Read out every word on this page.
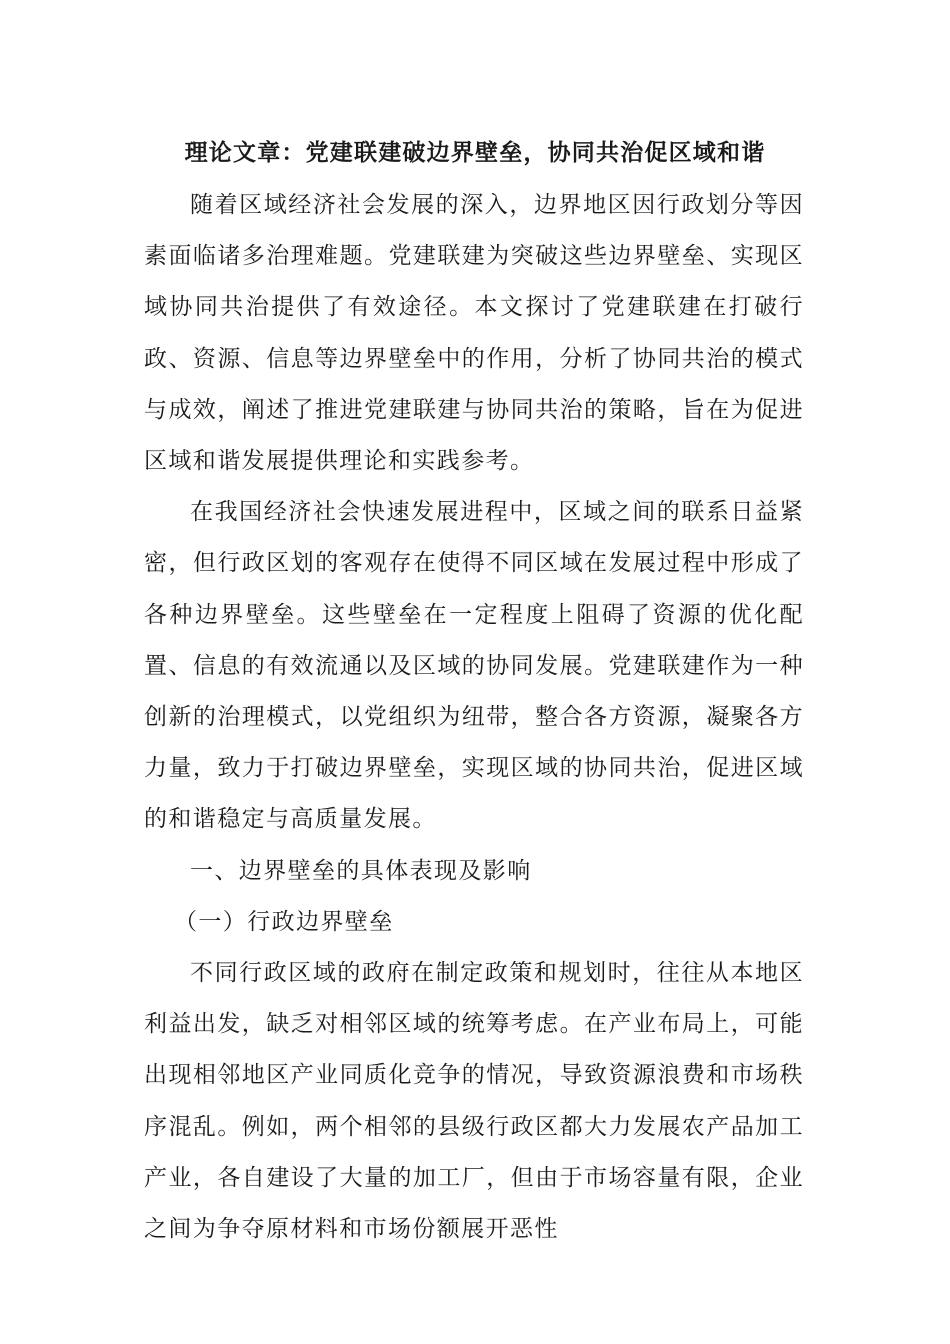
理论文章：党建联建破边界壁垒，协同共治促区域和谐

随着区域经济社会发展的深入，边界地区因行政划分等因素面临诸多治理难题。党建联建为突破这些边界壁垒、实现区域协同共治提供了有效途径。本文探讨了党建联建在打破行政、资源、信息等边界壁垒中的作用，分析了协同共治的模式与成效，阐述了推进党建联建与协同共治的策略，旨在为促进区域和谐发展提供理论和实践参考。

在我国经济社会快速发展进程中，区域之间的联系日益紧密，但行政区划的客观存在使得不同区域在发展过程中形成了各种边界壁垒。这些壁垒在一定程度上阻碍了资源的优化配置、信息的有效流通以及区域的协同发展。党建联建作为一种创新的治理模式，以党组织为纽带，整合各方资源，凝聚各方力量，致力于打破边界壁垒，实现区域的协同共治，促进区域的和谐稳定与高质量发展。

一、边界壁垒的具体表现及影响

（一）行政边界壁垒

不同行政区域的政府在制定政策和规划时，往往从本地区利益出发，缺乏对相邻区域的统筹考虑。在产业布局上，可能出现相邻地区产业同质化竞争的情况，导致资源浪费和市场秩序混乱。例如，两个相邻的县级行政区都大力发展农产品加工产业，各自建设了大量的加工厂，但由于市场容量有限，企业之间为争夺原材料和市场份额展开恶性
